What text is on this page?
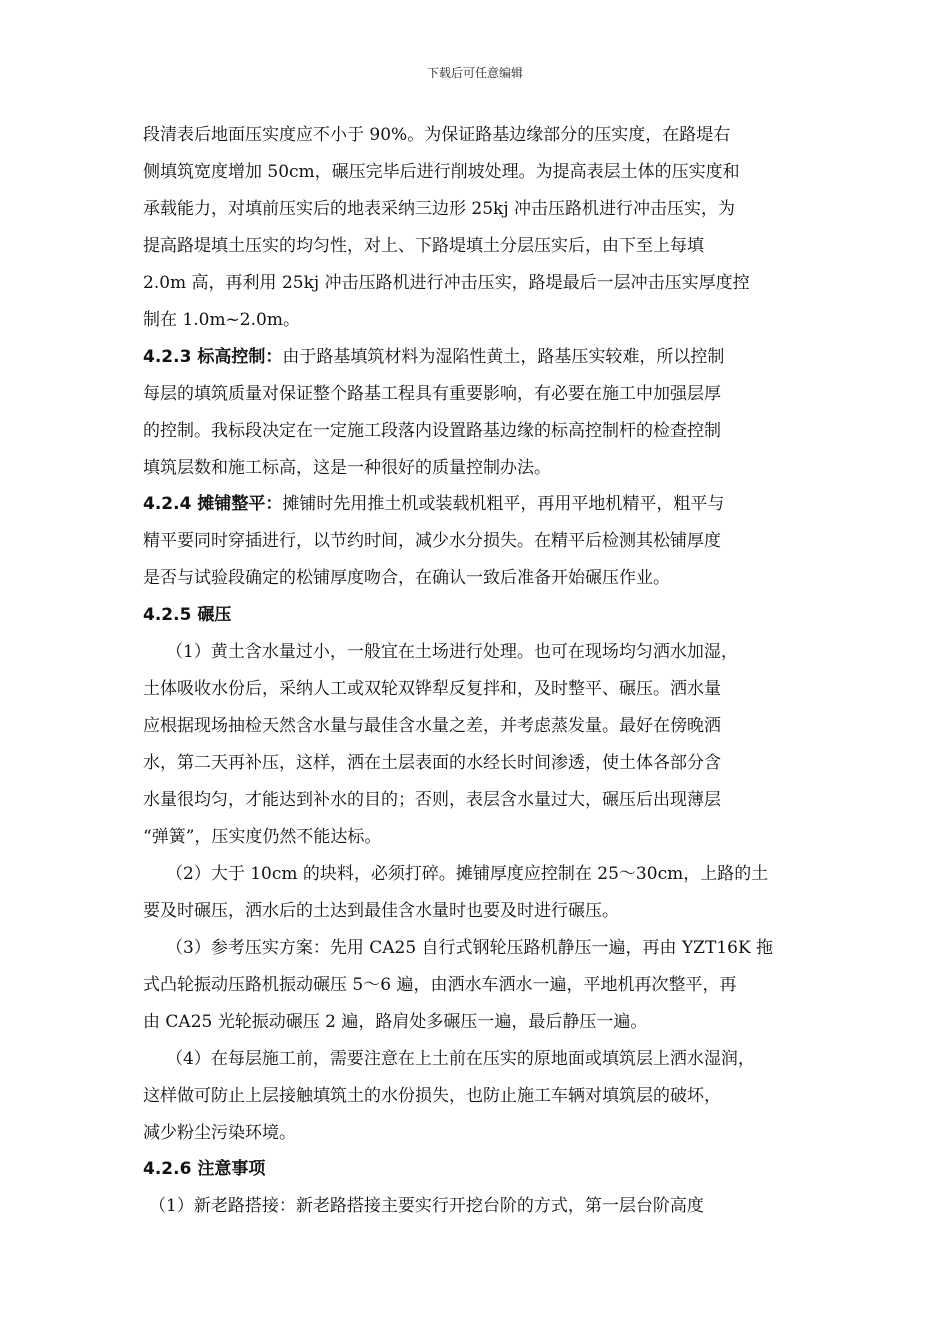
下载后可任意编辑
段清表后地面压实度应不小于 90%。为保证路基边缘部分的压实度，在路堤右
侧填筑宽度增加 50cm，碾压完毕后进行削坡处理。为提高表层土体的压实度和
承载能力，对填前压实后的地表采纳三边形 25kj 冲击压路机进行冲击压实，为
提高路堤填土压实的均匀性，对上、下路堤填土分层压实后，由下至上每填
2.0m 高，再利用 25kj 冲击压路机进行冲击压实，路堤最后一层冲击压实厚度控
制在 1.0m~2.0m。
4.2.3 标高控制：由于路基填筑材料为湿陷性黄土，路基压实较难，所以控制
每层的填筑质量对保证整个路基工程具有重要影响，有必要在施工中加强层厚
的控制。我标段决定在一定施工段落内设置路基边缘的标高控制杆的检查控制
填筑层数和施工标高，这是一种很好的质量控制办法。
4.2.4 摊铺整平：摊铺时先用推土机或装载机粗平，再用平地机精平，粗平与
精平要同时穿插进行，以节约时间，减少水分损失。在精平后检测其松铺厚度
是否与试验段确定的松铺厚度吻合，在确认一致后准备开始碾压作业。
4.2.5 碾压
（1）黄土含水量过小，一般宜在土场进行处理。也可在现场均匀洒水加湿，
土体吸收水份后，采纳人工或双轮双铧犁反复拌和，及时整平、碾压。洒水量
应根据现场抽检天然含水量与最佳含水量之差，并考虑蒸发量。最好在傍晚洒
水，第二天再补压，这样，洒在土层表面的水经长时间渗透，使土体各部分含
水量很均匀，才能达到补水的目的；否则，表层含水量过大，碾压后出现薄层
“弹簧”，压实度仍然不能达标。
（2）大于 10cm 的块料，必须打碎。摊铺厚度应控制在 25～30cm，上路的土
要及时碾压，洒水后的土达到最佳含水量时也要及时进行碾压。
（3）参考压实方案：先用 CA25 自行式钢轮压路机静压一遍，再由 YZT16K 拖
式凸轮振动压路机振动碾压 5～6 遍，由洒水车洒水一遍，平地机再次整平，再
由 CA25 光轮振动碾压 2 遍，路肩处多碾压一遍，最后静压一遍。
（4）在每层施工前，需要注意在上土前在压实的原地面或填筑层上洒水湿润，
这样做可防止上层接触填筑土的水份损失，也防止施工车辆对填筑层的破坏，
减少粉尘污染环境。
4.2.6 注意事项
（1）新老路搭接：新老路搭接主要实行开挖台阶的方式，第一层台阶高度
